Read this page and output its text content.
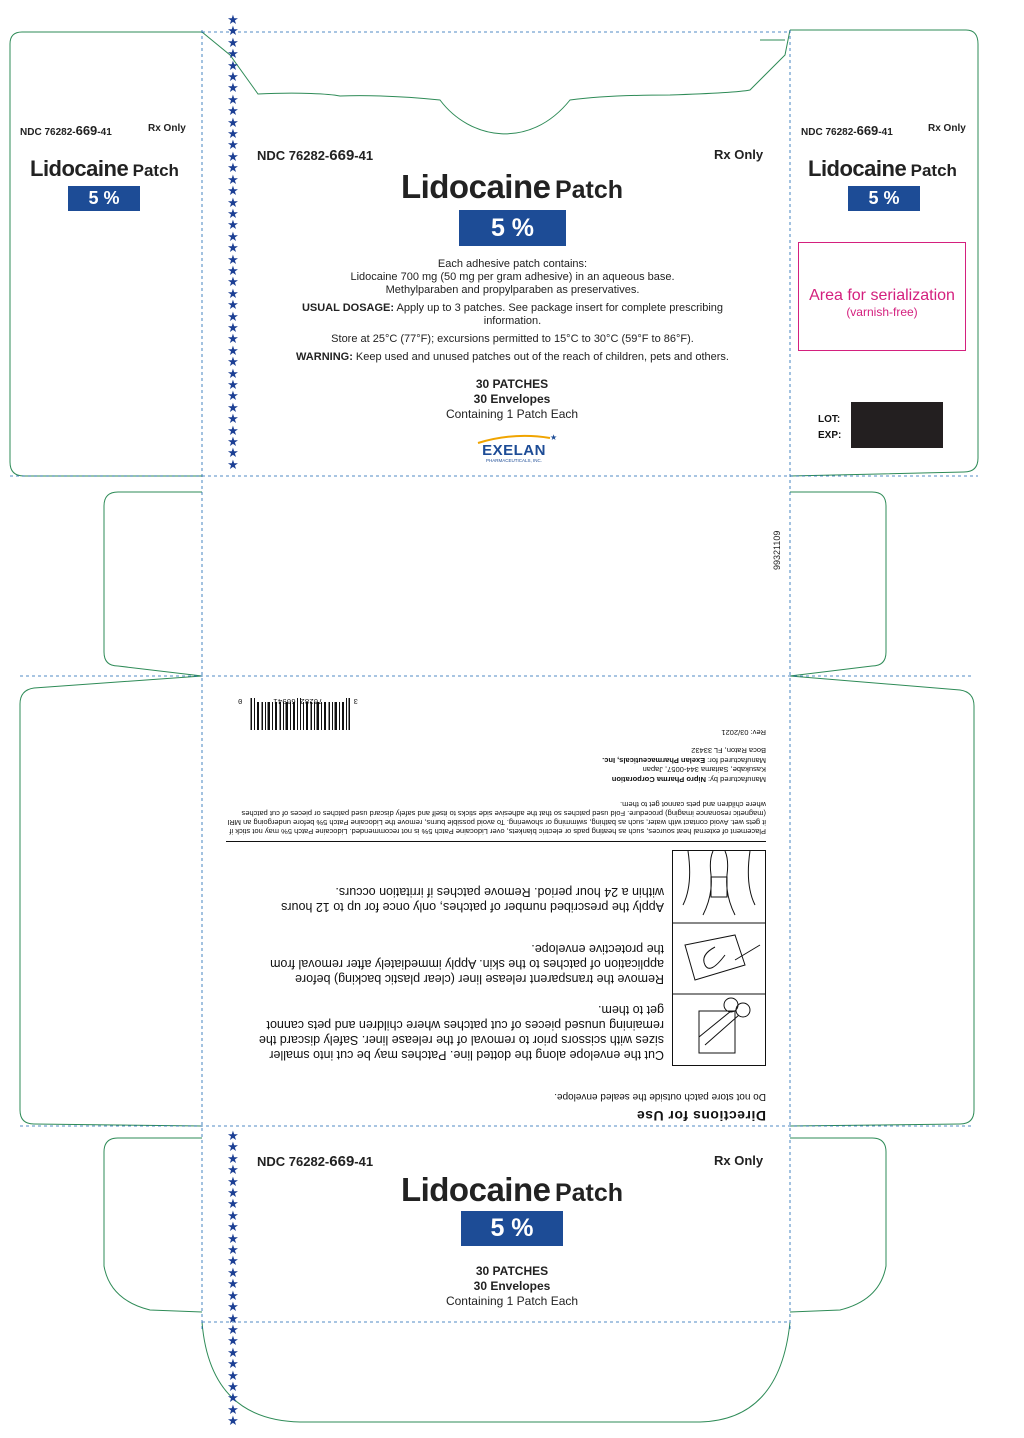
★
★
★
★
★
★
★
★
★
★
★
★
★
★
★
★
★
★
★
★
★
★
★
★
★
★
★
★
★
★
★
★
★
★
★
★
★
★
★
★
★
★
★
★
★
★
★
★
★
★
★
★
★
★
★
★
★
★
★
★
★
★
★
★
★
★
NDC 76282-669-41	Rx Only
Lidocaine Patch
5 %
NDC 76282-669-41	Rx Only
Lidocaine Patch
5 %
Area for serialization
(varnish-free)
LOT:
EXP:
NDC 76282-669-41	Rx Only
Lidocaine Patch
5 %
Each adhesive patch contains:
Lidocaine 700 mg (50 mg per gram adhesive) in an aqueous base.
Methylparaben and propylparaben as preservatives.
USUAL DOSAGE: Apply up to 3 patches. See package insert for complete prescribing information.
Store at 25°C (77°F); excursions permitted to 15°C to 30°C (59°F to 86°F).
WARNING: Keep used and unused patches out of the reach of children, pets and others.
30 PATCHES
30 Envelopes
Containing 1 Patch Each
★
EXELAN
PHARMACEUTICALS, INC.
99321109
Directions for Use
Do not store patch outside the sealed envelope.
Cut the envelope along the dotted line. Patches may be cut into smaller sizes with scissors prior to removal of the release liner. Safely discard the remaining unused pieces of cut patches where children and pets cannot get to them.
Remove the transparent release liner (clear plastic backing) before application of patches to the skin. Apply immediately after removal from the protective envelope.
Apply the prescribed number of patches, only once for up to 12 hours within a 24 hour period. Remove patches if irritation occurs.
Placement of external heat sources, such as heating pads or electric blankets, over Lidocaine Patch 5% is not recommended. Lidocaine Patch 5% may not stick if it gets wet. Avoid contact with water, such as bathing, swimming or showering. To avoid possible burns, remove the Lidocaine Patch 5% before undergoing an MRI (magnetic resonance imaging) procedure. Fold used patches so that the adhesive side sticks to itself and safely discard used patches or pieces of cut patches where children and pets cannot get to them.
Manufactured by: Nipro Pharma Corporation
Kasukabe, Saitama 344-0057, Japan
Manufactured for: Exelan Pharmaceuticals, Inc.
Boca Raton, FL 33432
Rev: 03/2021
3
76282 66941
0
NDC 76282-669-41	Rx Only
Lidocaine Patch
5 %
30 PATCHES
30 Envelopes
Containing 1 Patch Each
